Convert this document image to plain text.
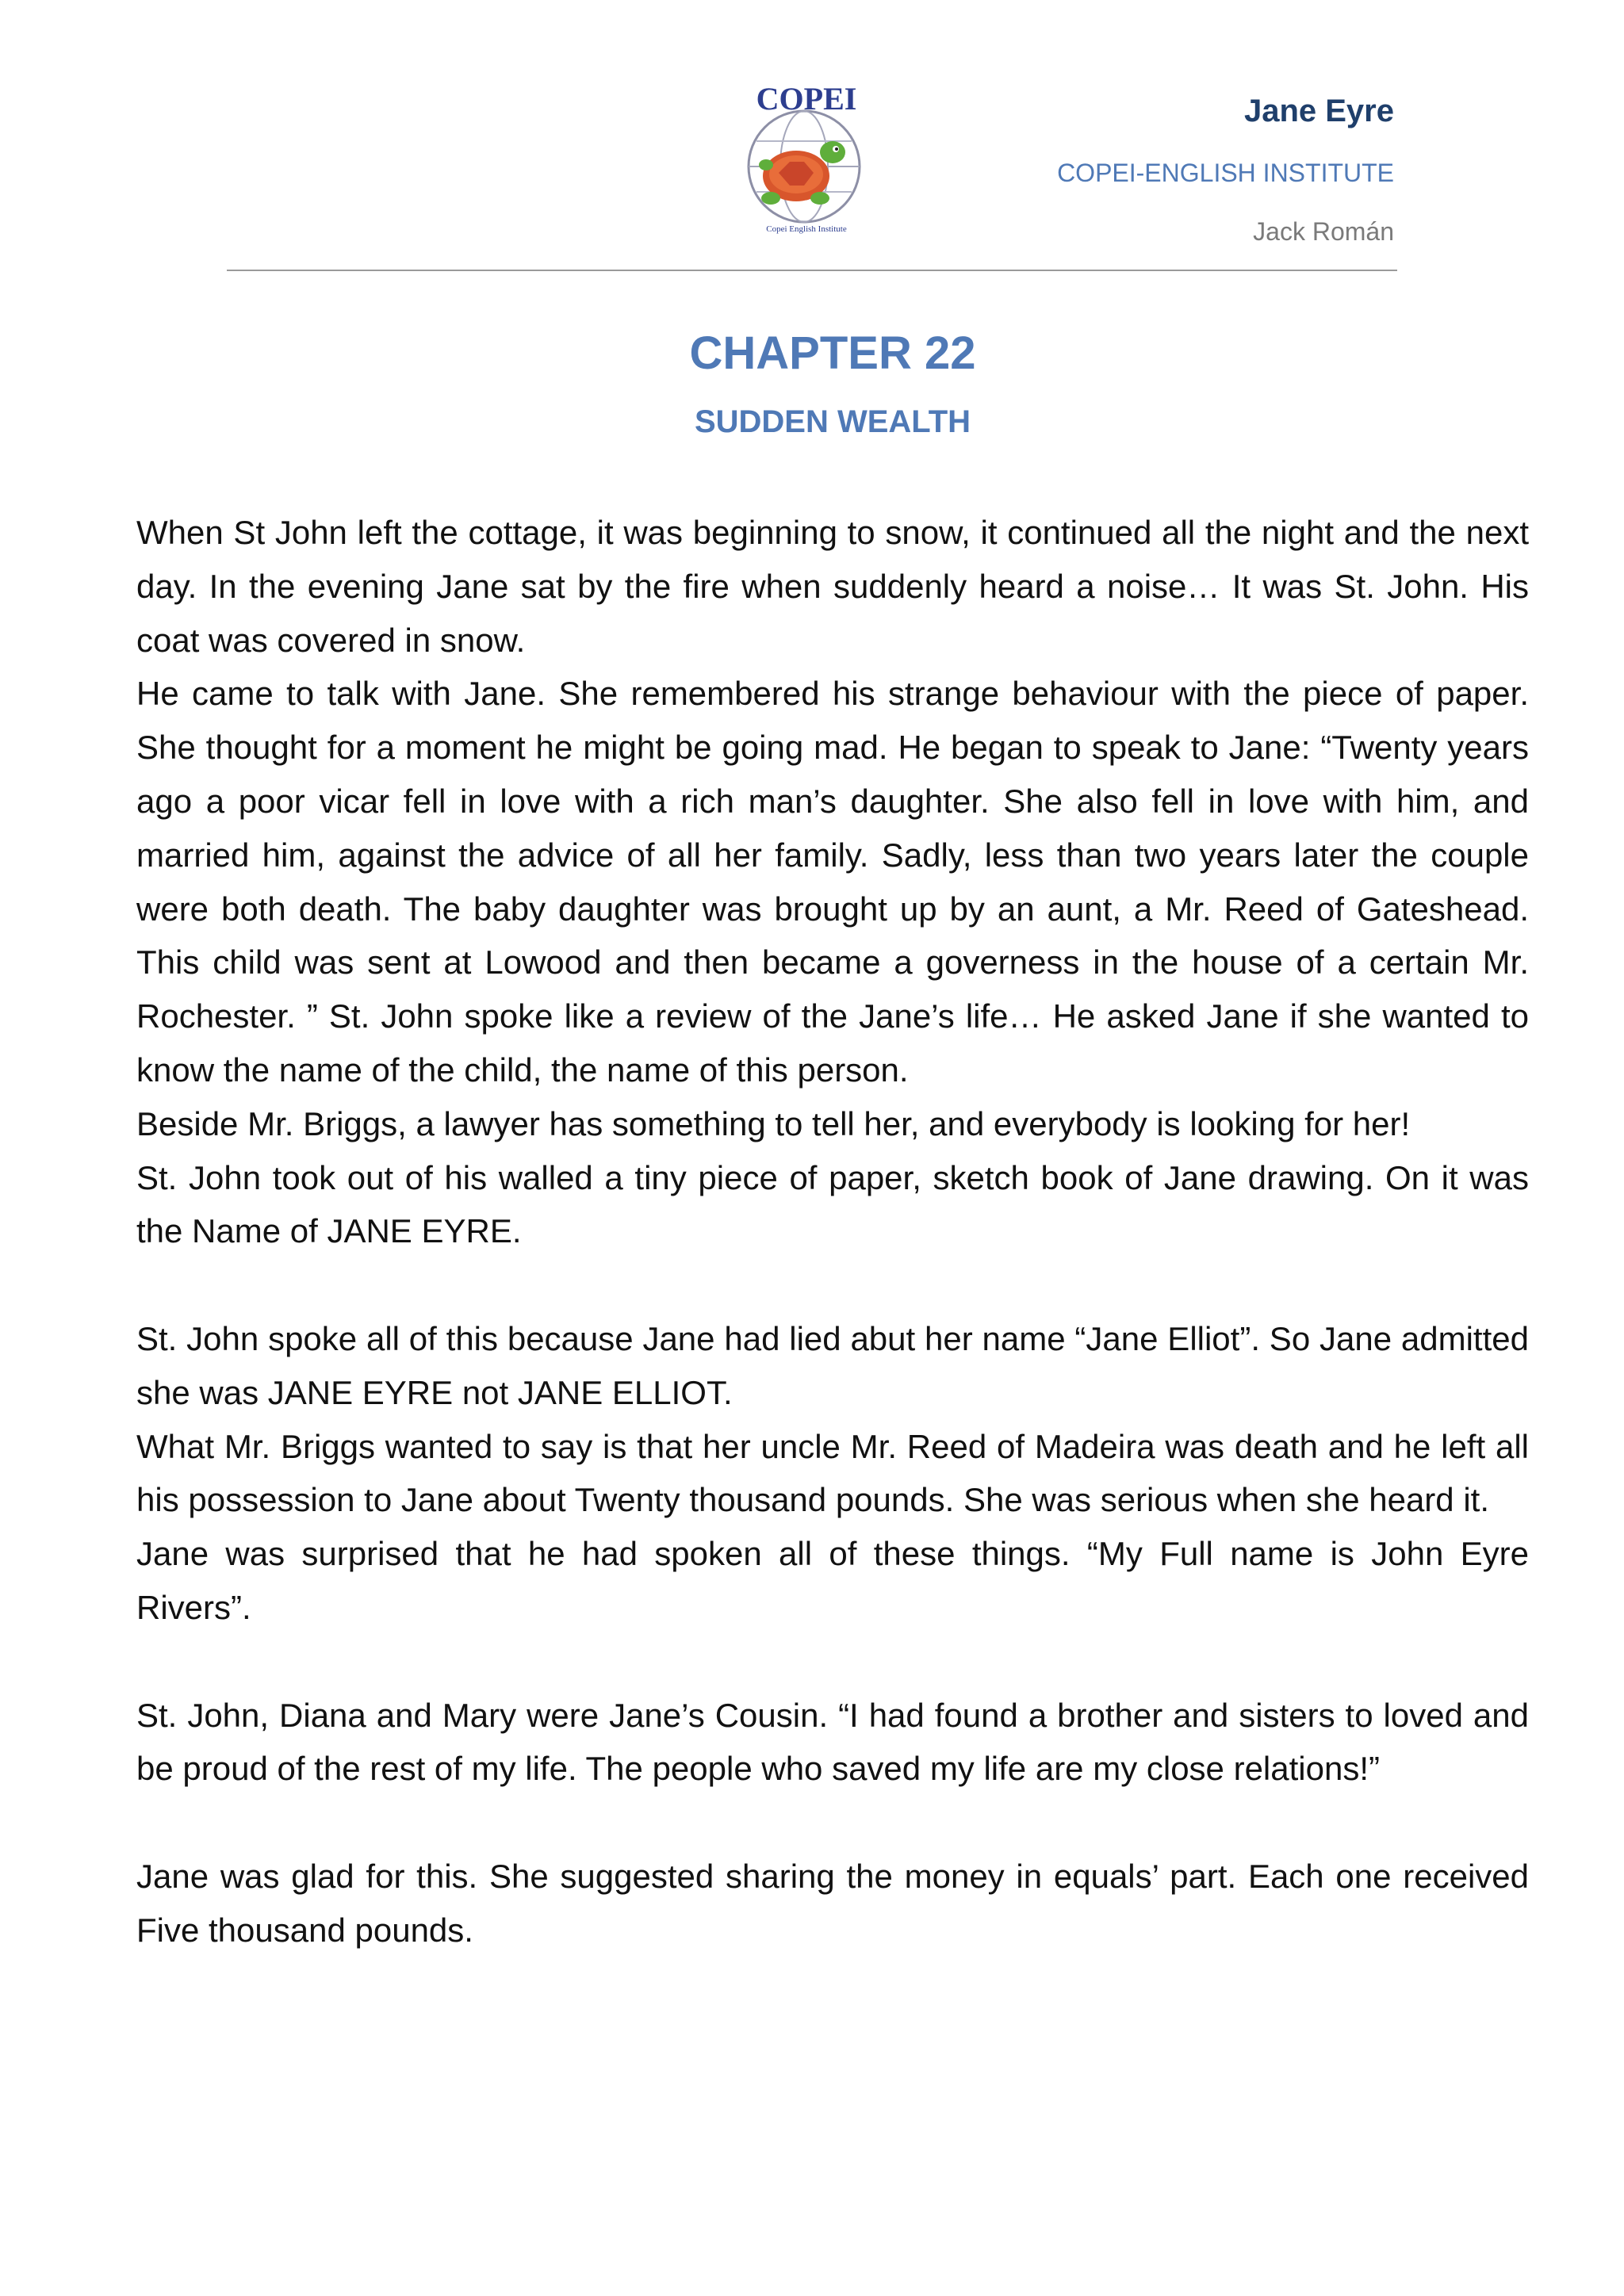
COPEI
Copei English Institute
Jane Eyre
COPEI-ENGLISH INSTITUTE
Jack Román
CHAPTER 22
SUDDEN WEALTH

When St John left the cottage, it was beginning to snow, it continued all the night and the next day. In the evening Jane sat by the fire when suddenly heard a noise… It was St. John. His coat was covered in snow.

He came to talk with Jane. She remembered his strange behaviour with the piece of paper. She thought for a moment he might be going mad. He began to speak to Jane: “Twenty years ago a poor vicar fell in love with a rich man’s daughter. She also fell in love with him, and married him, against the advice of all her family. Sadly, less than two years later the couple were both death. The baby daughter was brought up by an aunt, a Mr. Reed of Gateshead. This child was sent at Lowood and then became a governess in the house of a certain Mr. Rochester. ” St. John spoke like a review of the Jane’s life… He asked Jane if she wanted to know the name of the child, the name of this person.

Beside Mr. Briggs, a lawyer has something to tell her, and everybody is looking for her!

St. John took out of his walled a tiny piece of paper, sketch book of Jane drawing. On it was the Name of JANE EYRE.

St. John spoke all of this because Jane had lied abut her name “Jane Elliot”. So Jane admitted she was JANE EYRE not JANE ELLIOT.

What Mr. Briggs wanted to say is that her uncle Mr. Reed of Madeira was death and he left all his possession to Jane about Twenty thousand pounds. She was serious when she heard it.

Jane was surprised that he had spoken all of these things. “My Full name is John Eyre Rivers”.

St. John, Diana and Mary were Jane’s Cousin. “I had found a brother and sisters to loved and be proud of the rest of my life. The people who saved my life are my close relations!”

Jane was glad for this. She suggested sharing the money in equals’ part. Each one received Five thousand pounds.
